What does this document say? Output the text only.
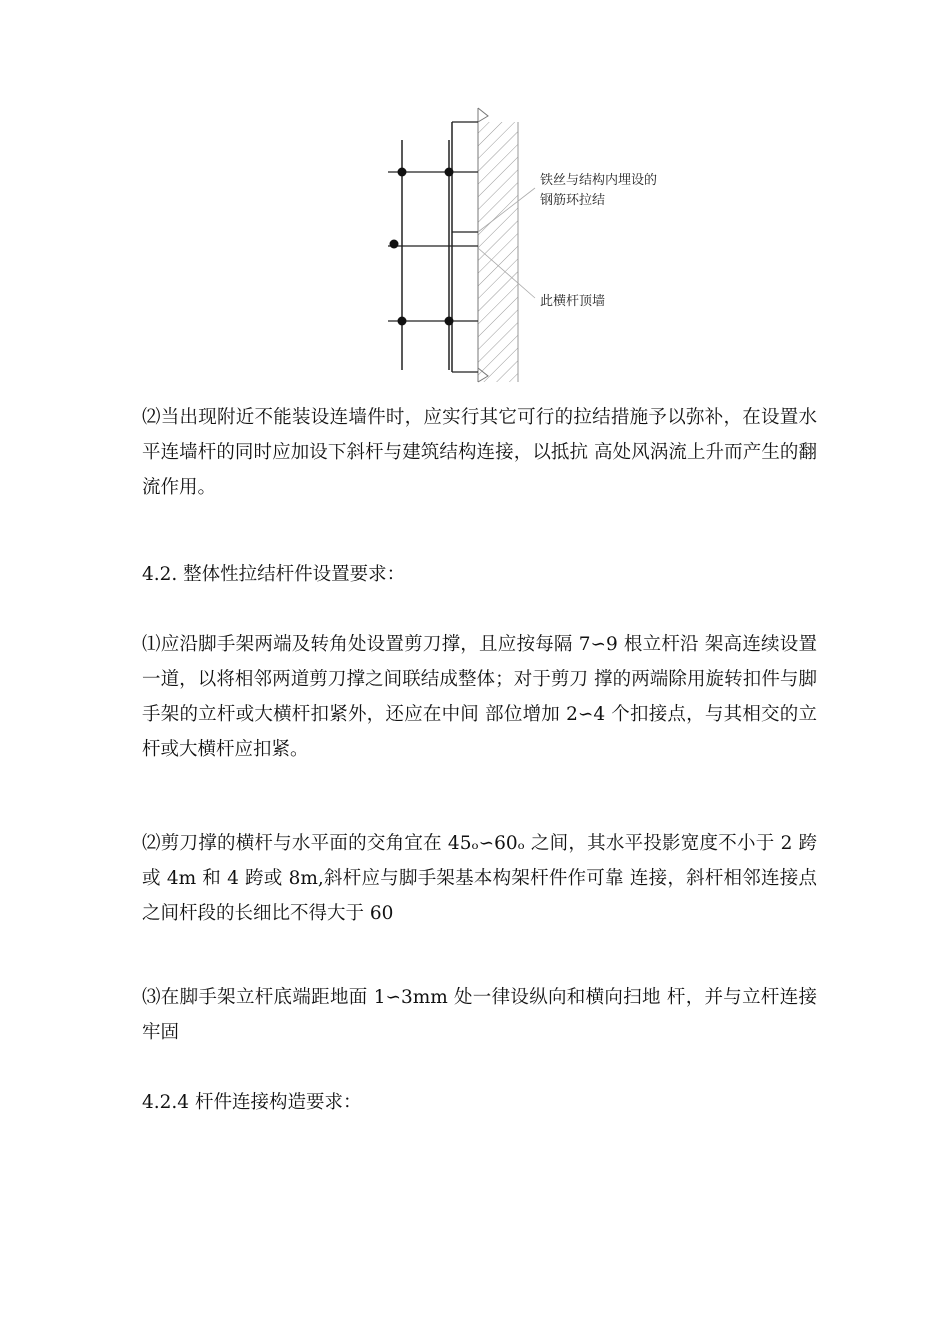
铁丝与结构内埋设的
钢筋环拉结
此横杆顶墙

⑵当出现附近不能装设连墙件时，应实行其它可行的拉结措施予以弥补，在设置水平连墙杆的同时应加设下斜杆与建筑结构连接，以抵抗 高处风涡流上升而产生的翻流作用。

4.2. 整体性拉结杆件设置要求：

⑴应沿脚手架两端及转角处设置剪刀撑，且应按每隔 7∽9 根立杆沿 架高连续设置一道，以将相邻两道剪刀撑之间联结成整体；对于剪刀 撑的两端除用旋转扣件与脚手架的立杆或大横杆扣紧外，还应在中间 部位增加 2∽4 个扣接点，与其相交的立杆或大横杆应扣紧。

⑵剪刀撑的横杆与水平面的交角宜在 45ₒ∽60ₒ 之间，其水平投影宽度不小于 2 跨或 4m 和 4 跨或 8m,斜杆应与脚手架基本构架杆件作可靠 连接，斜杆相邻连接点之间杆段的长细比不得大于 60

⑶在脚手架立杆底端距地面 1∽3mm 处一律设纵向和横向扫地 杆，并与立杆连接牢固

4.2.4 杆件连接构造要求：
